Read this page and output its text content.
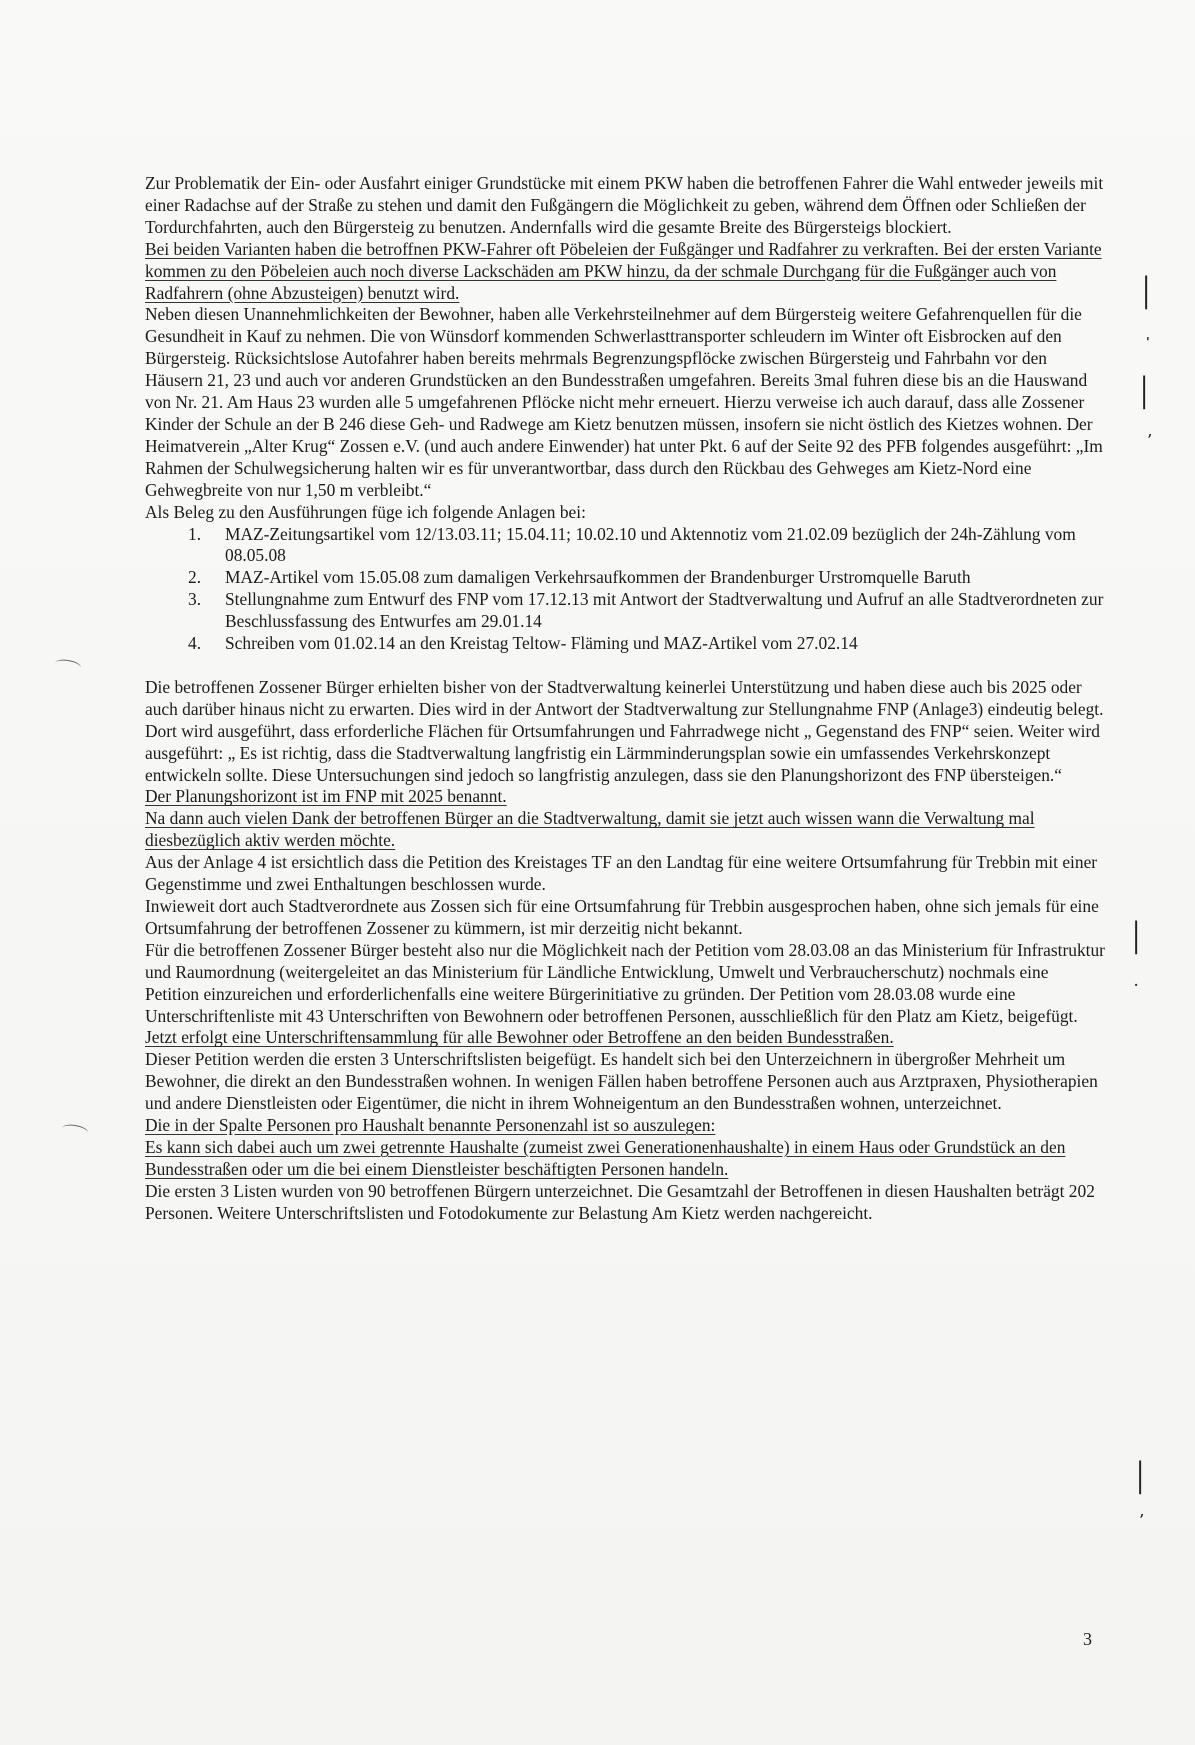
Zur Problematik der Ein- oder Ausfahrt einiger Grundstücke mit einem PKW haben die betroffenen Fahrer die Wahl entweder jeweils mit einer Radachse auf der Straße zu stehen und damit den Fußgängern die Möglichkeit zu geben, während dem Öffnen oder Schließen der Tordurchfahrten, auch den Bürgersteig zu benutzen. Andernfalls wird die gesamte Breite des Bürgersteigs blockiert.

Bei beiden Varianten haben die betroffnen PKW-Fahrer oft Pöbeleien der Fußgänger und Radfahrer zu verkraften. Bei der ersten Variante kommen zu den Pöbeleien auch noch diverse Lackschäden am PKW hinzu, da der schmale Durchgang für die Fußgänger auch von Radfahrern (ohne Abzusteigen) benutzt wird.

Neben diesen Unannehmlichkeiten der Bewohner, haben alle Verkehrsteilnehmer auf dem Bürgersteig weitere Gefahrenquellen für die Gesundheit in Kauf zu nehmen. Die von Wünsdorf kommenden Schwerlasttransporter schleudern im Winter oft Eisbrocken auf den Bürgersteig. Rücksichtslose Autofahrer haben bereits mehrmals Begrenzungspflöcke zwischen Bürgersteig und Fahrbahn vor den Häusern 21, 23 und auch vor anderen Grundstücken an den Bundesstraßen umgefahren. Bereits 3mal fuhren diese bis an die Hauswand von Nr. 21. Am Haus 23 wurden alle 5 umgefahrenen Pflöcke nicht mehr erneuert. Hierzu verweise ich auch darauf, dass alle Zossener Kinder der Schule an der B 246 diese Geh- und Radwege am Kietz benutzen müssen, insofern sie nicht östlich des Kietzes wohnen. Der Heimatverein „Alter Krug“ Zossen e.V. (und auch andere Einwender) hat unter Pkt. 6 auf der Seite 92 des PFB folgendes ausgeführt: „Im Rahmen der Schulwegsicherung halten wir es für unverantwortbar, dass durch den Rückbau des Gehweges am Kietz-Nord eine Gehwegbreite von nur 1,50 m verbleibt.“

Als Beleg zu den Ausführungen füge ich folgende Anlagen bei:

1. MAZ-Zeitungsartikel vom 12/13.03.11; 15.04.11; 10.02.10 und Aktennotiz vom 21.02.09 bezüglich der 24h-Zählung vom 08.05.08
2. MAZ-Artikel vom 15.05.08 zum damaligen Verkehrsaufkommen der Brandenburger Urstromquelle Baruth
3. Stellungnahme zum Entwurf des FNP vom 17.12.13 mit Antwort der Stadtverwaltung und Aufruf an alle Stadtverordneten zur Beschlussfassung des Entwurfes am 29.01.14
4. Schreiben vom 01.02.14 an den Kreistag Teltow- Fläming und MAZ-Artikel vom 27.02.14

Die betroffenen Zossener Bürger erhielten bisher von der Stadtverwaltung keinerlei Unterstützung und haben diese auch bis 2025 oder auch darüber hinaus nicht zu erwarten. Dies wird in der Antwort der Stadtverwaltung zur Stellungnahme FNP (Anlage3) eindeutig belegt. Dort wird ausgeführt, dass erforderliche Flächen für Ortsumfahrungen und Fahrradwege nicht „ Gegenstand des FNP“ seien. Weiter wird ausgeführt: „ Es ist richtig, dass die Stadtverwaltung langfristig ein Lärmminderungsplan sowie ein umfassendes Verkehrskonzept entwickeln sollte. Diese Untersuchungen sind jedoch so langfristig anzulegen, dass sie den Planungshorizont des FNP übersteigen.“

Der Planungshorizont ist im FNP mit 2025 benannt.

Na dann auch vielen Dank der betroffenen Bürger an die Stadtverwaltung, damit sie jetzt auch wissen wann die Verwaltung mal diesbezüglich aktiv werden möchte.

Aus der Anlage 4 ist ersichtlich dass die Petition des Kreistages TF an den Landtag für eine weitere Ortsumfahrung für Trebbin mit einer Gegenstimme und zwei Enthaltungen beschlossen wurde.

Inwieweit dort auch Stadtverordnete aus Zossen sich für eine Ortsumfahrung für Trebbin ausgesprochen haben, ohne sich jemals für eine Ortsumfahrung der betroffenen Zossener zu kümmern, ist mir derzeitig nicht bekannt.

Für die betroffenen Zossener Bürger besteht also nur die Möglichkeit nach der Petition vom 28.03.08 an das Ministerium für Infrastruktur und Raumordnung (weitergeleitet an das Ministerium für Ländliche Entwicklung, Umwelt und Verbraucherschutz) nochmals eine Petition einzureichen und erforderlichenfalls eine weitere Bürgerinitiative zu gründen. Der Petition vom 28.03.08 wurde eine Unterschriftenliste mit 43 Unterschriften von Bewohnern oder betroffenen Personen, ausschließlich für den Platz am Kietz, beigefügt.

Jetzt erfolgt eine Unterschriftensammlung für alle Bewohner oder Betroffene an den beiden Bundesstraßen.

Dieser Petition werden die ersten 3 Unterschriftslisten beigefügt. Es handelt sich bei den Unterzeichnern in übergroßer Mehrheit um Bewohner, die direkt an den Bundesstraßen wohnen. In wenigen Fällen haben betroffene Personen auch aus Arztpraxen, Physiotherapien und andere Dienstleisten oder Eigentümer, die nicht in ihrem Wohneigentum an den Bundesstraßen wohnen, unterzeichnet.

Die in der Spalte Personen pro Haushalt benannte Personenzahl ist so auszulegen:

Es kann sich dabei auch um zwei getrennte Haushalte (zumeist zwei Generationenhaushalte) in einem Haus oder Grundstück an den Bundesstraßen oder um die bei einem Dienstleister beschäftigten Personen handeln.

Die ersten 3 Listen wurden von 90 betroffenen Bürgern unterzeichnet. Die Gesamtzahl der Betroffenen in diesen Haushalten beträgt 202 Personen. Weitere Unterschriftslisten und Fotodokumente zur Belastung Am Kietz werden nachgereicht.

|
'
|
,
|
.
|
,
3
